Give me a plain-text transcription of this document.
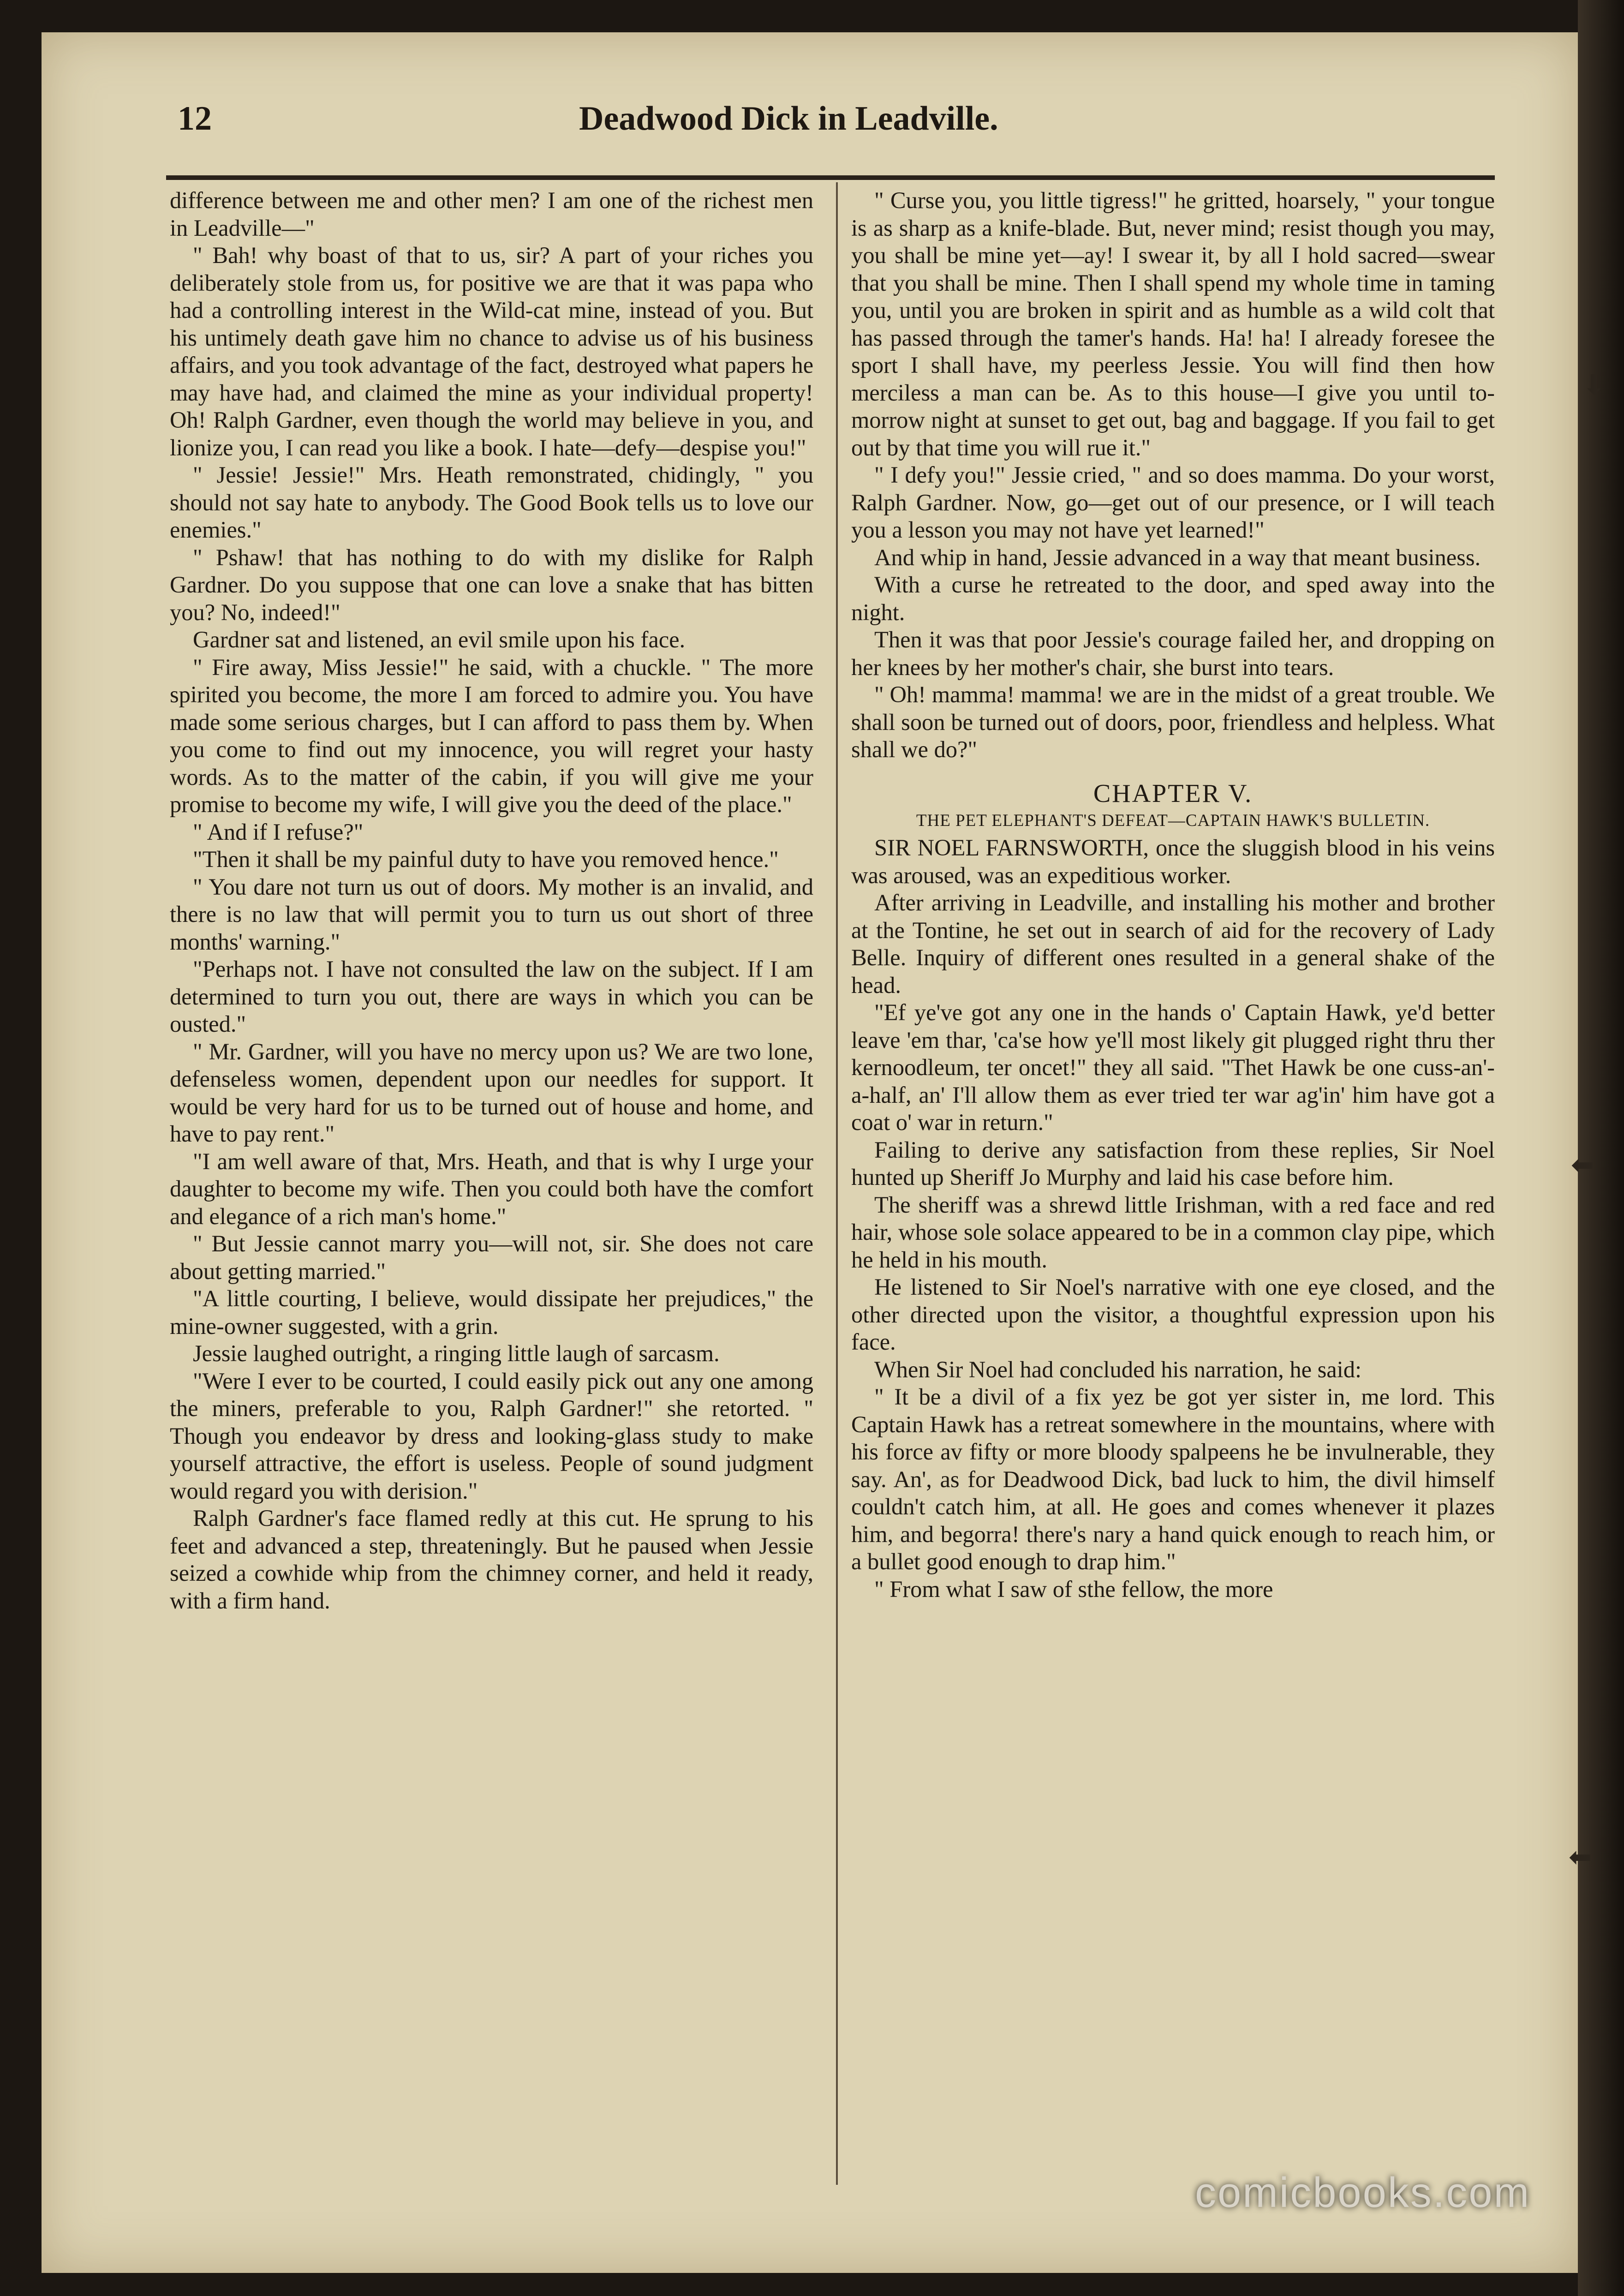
12	Deadwood Dick in Leadville.

difference between me and other men? I am one of the richest men in Leadville—"

" Bah! why boast of that to us, sir? A part of your riches you deliberately stole from us, for positive we are that it was papa who had a controlling interest in the Wild-cat mine, instead of you. But his untimely death gave him no chance to advise us of his business affairs, and you took advantage of the fact, destroyed what papers he may have had, and claimed the mine as your individual property! Oh! Ralph Gardner, even though the world may believe in you, and lionize you, I can read you like a book. I hate—defy—despise you!"

" Jessie! Jessie!" Mrs. Heath remonstrated, chidingly, " you should not say hate to anybody. The Good Book tells us to love our enemies."

" Pshaw! that has nothing to do with my dislike for Ralph Gardner. Do you suppose that one can love a snake that has bitten you? No, indeed!"

Gardner sat and listened, an evil smile upon his face.

" Fire away, Miss Jessie!" he said, with a chuckle. " The more spirited you become, the more I am forced to admire you. You have made some serious charges, but I can afford to pass them by. When you come to find out my innocence, you will regret your hasty words. As to the matter of the cabin, if you will give me your promise to become my wife, I will give you the deed of the place."

" And if I refuse?"

"Then it shall be my painful duty to have you removed hence."

" You dare not turn us out of doors. My mother is an invalid, and there is no law that will permit you to turn us out short of three months' warning."

"Perhaps not. I have not consulted the law on the subject. If I am determined to turn you out, there are ways in which you can be ousted."

" Mr. Gardner, will you have no mercy upon us? We are two lone, defenseless women, dependent upon our needles for support. It would be very hard for us to be turned out of house and home, and have to pay rent."

"I am well aware of that, Mrs. Heath, and that is why I urge your daughter to become my wife. Then you could both have the comfort and elegance of a rich man's home."

" But Jessie cannot marry you—will not, sir. She does not care about getting married."

"A little courting, I believe, would dissipate her prejudices," the mine-owner suggested, with a grin.

Jessie laughed outright, a ringing little laugh of sarcasm.

"Were I ever to be courted, I could easily pick out any one among the miners, preferable to you, Ralph Gardner!" she retorted. " Though you endeavor by dress and looking-glass study to make yourself attractive, the effort is useless. People of sound judgment would regard you with derision."

Ralph Gardner's face flamed redly at this cut. He sprung to his feet and advanced a step, threateningly. But he paused when Jessie seized a cowhide whip from the chimney corner, and held it ready, with a firm hand.

" Curse you, you little tigress!" he gritted, hoarsely, " your tongue is as sharp as a knife-blade. But, never mind; resist though you may, you shall be mine yet—ay! I swear it, by all I hold sacred—swear that you shall be mine. Then I shall spend my whole time in taming you, until you are broken in spirit and as humble as a wild colt that has passed through the tamer's hands. Ha! ha! I already foresee the sport I shall have, my peerless Jessie. You will find then how merciless a man can be. As to this house—I give you until to-morrow night at sunset to get out, bag and baggage. If you fail to get out by that time you will rue it."

" I defy you!" Jessie cried, " and so does mamma. Do your worst, Ralph Gardner. Now, go—get out of our presence, or I will teach you a lesson you may not have yet learned!"

And whip in hand, Jessie advanced in a way that meant business.

With a curse he retreated to the door, and sped away into the night.

Then it was that poor Jessie's courage failed her, and dropping on her knees by her mother's chair, she burst into tears.

" Oh! mamma! mamma! we are in the midst of a great trouble. We shall soon be turned out of doors, poor, friendless and helpless. What shall we do?"

CHAPTER V.
THE PET ELEPHANT'S DEFEAT—CAPTAIN HAWK'S BULLETIN.

SIR NOEL FARNSWORTH, once the sluggish blood in his veins was aroused, was an expeditious worker.

After arriving in Leadville, and installing his mother and brother at the Tontine, he set out in search of aid for the recovery of Lady Belle. Inquiry of different ones resulted in a general shake of the head.

"Ef ye've got any one in the hands o' Captain Hawk, ye'd better leave 'em thar, 'ca'se how ye'll most likely git plugged right thru ther kernoodleum, ter oncet!" they all said. "Thet Hawk be one cuss-an'-a-half, an' I'll allow them as ever tried ter war ag'in' him have got a coat o' war in return."

Failing to derive any satisfaction from these replies, Sir Noel hunted up Sheriff Jo Murphy and laid his case before him.

The sheriff was a shrewd little Irishman, with a red face and red hair, whose sole solace appeared to be in a common clay pipe, which he held in his mouth.

He listened to Sir Noel's narrative with one eye closed, and the other directed upon the visitor, a thoughtful expression upon his face.

When Sir Noel had concluded his narration, he said:

" It be a divil of a fix yez be got yer sister in, me lord. This Captain Hawk has a retreat somewhere in the mountains, where with his force av fifty or more bloody spalpeens he be invulnerable, they say. An', as for Deadwood Dick, bad luck to him, the divil himself couldn't catch him, at all. He goes and comes whenever it plazes him, and begorra! there's nary a hand quick enough to reach him, or a bullet good enough to drap him."

" From what I saw of sthe fellow, the more

⬇
⬅
⬅
comicbooks.com
